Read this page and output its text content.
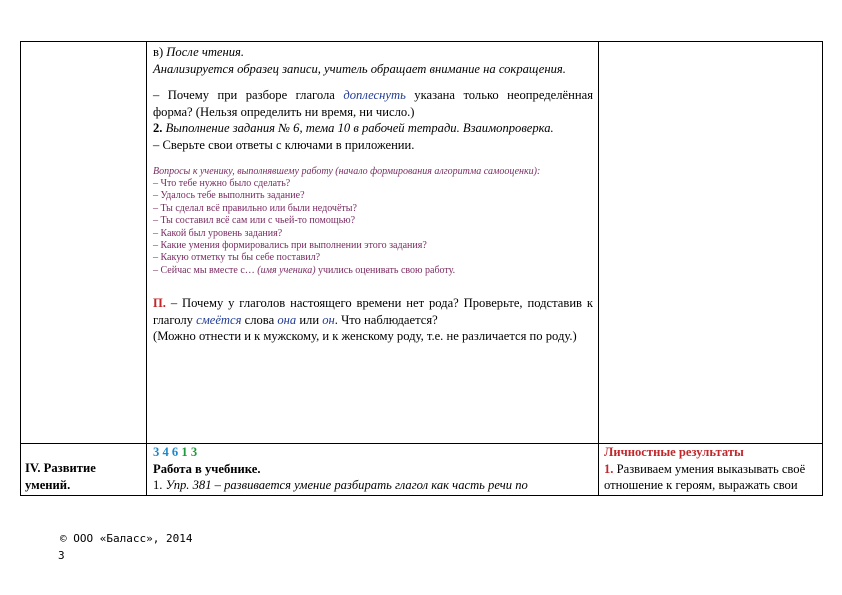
в) После чтения.
Анализируется образец записи, учитель обращает внимание на сокращения.
– Почему при разборе глагола доплеснуть указана только неопределённая форма? (Нельзя определить ни время, ни число.)
2. Выполнение задания № 6, тема 10 в рабочей тетради. Взаимопроверка.
– Сверьте свои ответы с ключами в приложении.
Вопросы к ученику, выполнявшему работу (начало формирования алгоритма самооценки):
– Что тебе нужно было сделать?
– Удалось тебе выполнить задание?
– Ты сделал всё правильно или были недочёты?
– Ты составил всё сам или с чьей-то помощью?
– Какой был уровень задания?
– Какие умения формировались при выполнении этого задания?
– Какую отметку ты бы себе поставил?
– Сейчас мы вместе с… (имя ученика) учились оценивать свою работу.
П. – Почему у глаголов настоящего времени нет рода? Проверьте, подставив к глаголу смеётся слова она или он. Что наблюдается?
(Можно отнести и к мужскому, и к женскому роду, т.е. не различается по роду.)
IV. Развитие умений.
3 4 6 1 3
Работа в учебнике.
1. Упр. 381 – развивается умение разбирать глагол как часть речи по
Личностные результаты
1. Развиваем умения выказывать своё отношение к героям, выражать свои
© ООО «Баласс», 2014
3
